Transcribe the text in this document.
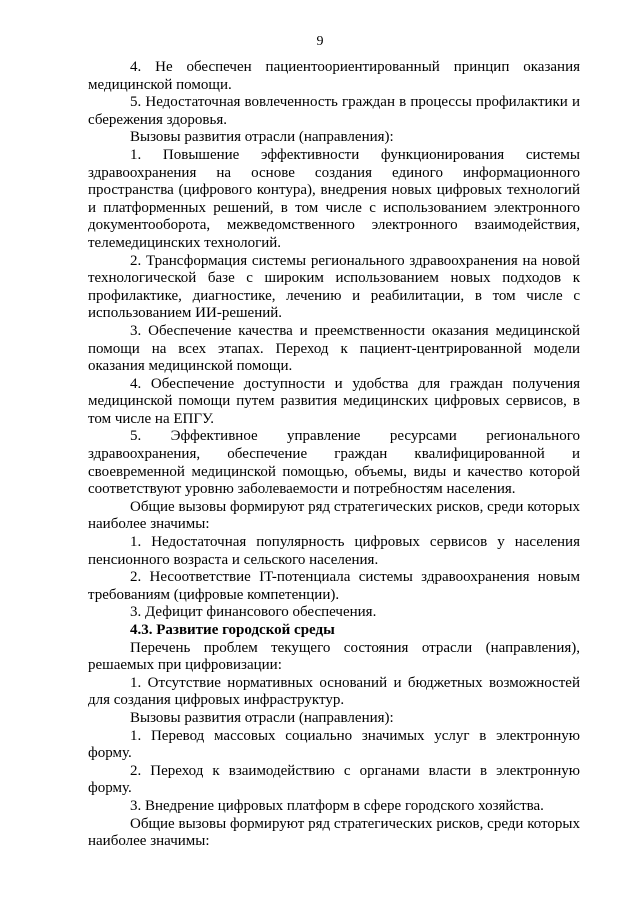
9

4. Не обеспечен пациентоориентированный принцип оказания медицинской помощи.

5. Недостаточная вовлеченность граждан в процессы профилактики и сбережения здоровья.

Вызовы развития отрасли (направления):

1. Повышение эффективности функционирования системы здравоохранения на основе создания единого информационного пространства (цифрового контура), внедрения новых цифровых технологий и платформенных решений, в том числе с использованием электронного документооборота, межведомственного электронного взаимодействия, телемедицинских технологий.

2. Трансформация системы регионального здравоохранения на новой технологической базе с широким использованием новых подходов к профилактике, диагностике, лечению и реабилитации, в том числе с использованием ИИ-решений.

3. Обеспечение качества и преемственности оказания медицинской помощи на всех этапах. Переход к пациент-центрированной модели оказания медицинской помощи.

4. Обеспечение доступности и удобства для граждан получения медицинской помощи путем развития медицинских цифровых сервисов, в том числе на ЕПГУ.

5. Эффективное управление ресурсами регионального здравоохранения, обеспечение граждан квалифицированной и своевременной медицинской помощью, объемы, виды и качество которой соответствуют уровню заболеваемости и потребностям населения.

Общие вызовы формируют ряд стратегических рисков, среди которых наиболее значимы:

1. Недостаточная популярность цифровых сервисов у населения пенсионного возраста и сельского населения.

2. Несоответствие IT-потенциала системы здравоохранения новым требованиям (цифровые компетенции).

3. Дефицит финансового обеспечения.

4.3. Развитие городской среды

Перечень проблем текущего состояния отрасли (направления), решаемых при цифровизации:

1. Отсутствие нормативных оснований и бюджетных возможностей для создания цифровых инфраструктур.

Вызовы развития отрасли (направления):

1. Перевод массовых социально значимых услуг в электронную форму.

2. Переход к взаимодействию с органами власти в электронную форму.

3. Внедрение цифровых платформ в сфере городского хозяйства.

Общие вызовы формируют ряд стратегических рисков, среди которых наиболее значимы:
